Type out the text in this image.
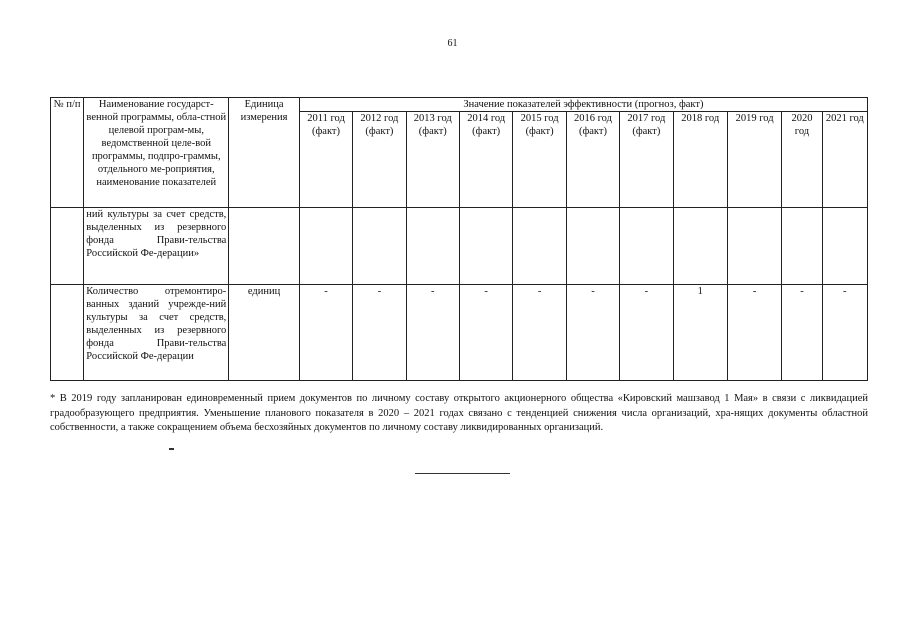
61
№ п/п	Наименование государст-венной программы, обла-стной целевой програм-мы, ведомственной целе-вой программы, подпро-граммы, отдельного ме-роприятия, наименование показателей	Единица измерения	Значение показателей эффективности (прогноз, факт)										
			2011 год (факт)	2012 год (факт)	2013 год (факт)	2014 год (факт)	2015 год (факт)	2016 год (факт)	2017 год (факт)	2018 год	2019 год	2020 год	2021 год
	ний культуры за счет средств, выделенных из резервного фонда Прави-тельства Российской Фе-дерации»												
	Количество отремонтиро-ванных зданий учрежде-ний культуры за счет средств, выделенных из резервного фонда Прави-тельства Российской Фе-дерации	единиц	-	-	-	-	-	-	-	1	-	-	-
* В 2019 году запланирован единовременный прием документов по личному составу открытого акционерного общества «Кировский машзавод 1 Мая» в связи с ликвидацией градообразующего предприятия. Уменьшение планового показателя в 2020 – 2021 годах связано с тенденцией снижения числа организаций, хра-нящих документы областной собственности, а также сокращением объема бесхозяйных документов по личному составу ликвидированных организаций.
